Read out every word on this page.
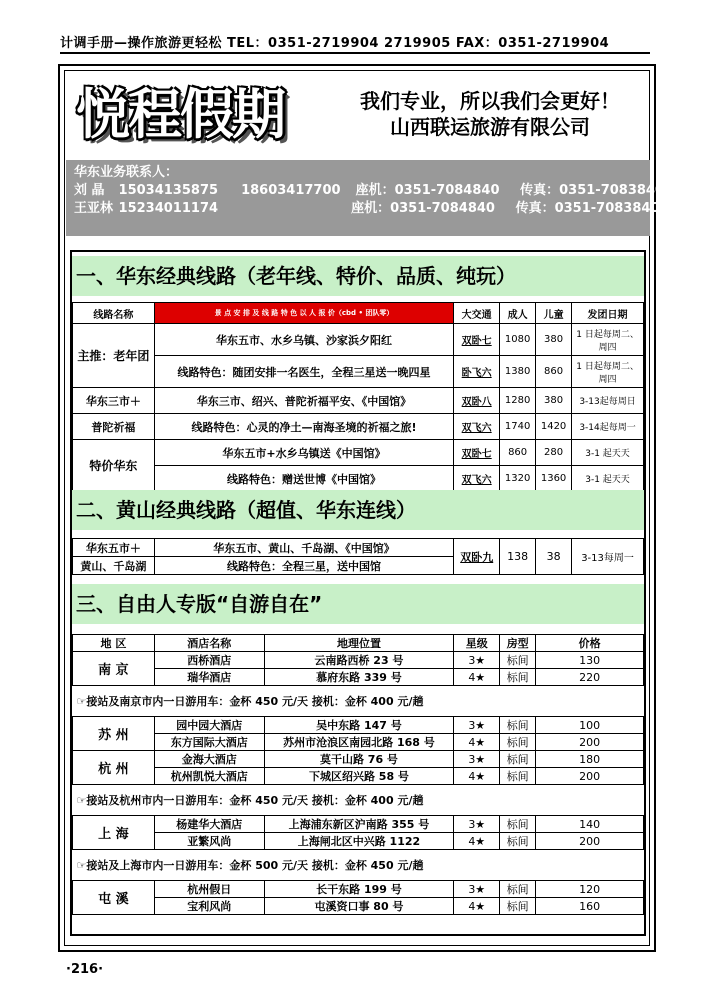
计调手册—操作旅游更轻松 TEL：0351-2719904 2719905 FAX：0351-2719904
悦程假期	我们专业，所以我们会更好！
山西联运旅游有限公司
华东业务联系人：
刘 晶 15034135875 18603417700 座机：0351-7084840 传真：0351-7083840
王亚林 15234011174	座机：0351-7084840 传真：0351-7083840
一、华东经典线路（老年线、特价、品质、纯玩）
线路名称	景 点 安 排 及 线 路 特 色 以 人 报 价（cbd • 团队零）	大交通	成人	儿童	发团日期
主推：老年团	华东五市、水乡乌镇、沙家浜夕阳红	双卧七	1080	380	1 日起每周二、周四
	线路特色：随团安排一名医生，全程三星送一晚四星	卧飞六	1380	860	1 日起每周二、周四
华东三市＋	华东三市、绍兴、普陀祈福平安、《中国馆》	双卧八	1280	380	3-13起每周日
普陀祈福	线路特色：心灵的净土—南海圣境的祈福之旅!	双飞六	1740	1420	3-14起每周一
特价华东	华东五市+水乡乌镇送《中国馆》	双卧七	860	280	3-1 起天天
	线路特色：赠送世博《中国馆》	双飞六	1320	1360	3-1 起天天
二、黄山经典线路（超值、华东连线）
华东五市＋	华东五市、黄山、千岛湖、《中国馆》	双卧九	138	38	3-13每周一
黄山、千岛湖	线路特色：全程三星，送中国馆				
三、自由人专版“自游自在”
地 区	酒店名称	地理位置	星级	房型	价格
南 京	西桥酒店	云南路西桥 23 号	3★	标间	130
	瑞华酒店	慕府东路 339 号	4★	标间	220
☞接站及南京市内一日游用车：金杯 450 元/天 接机：金杯 400 元/趟					
苏 州	园中园大酒店	吴中东路 147 号	3★	标间	100
	东方国际大酒店	苏州市沧浪区南园北路 168 号	4★	标间	200
杭 州	金海大酒店	莫干山路 76 号	3★	标间	180
	杭州凯悦大酒店	下城区绍兴路 58 号	4★	标间	200
☞接站及杭州市内一日游用车：金杯 450 元/天 接机：金杯 400 元/趟					
上 海	杨建华大酒店	上海浦东新区沪南路 355 号	3★	标间	140
	亚繁风尚	上海闸北区中兴路 1122	4★	标间	200
☞接站及上海市内一日游用车：金杯 500 元/天 接机：金杯 450 元/趟					
屯 溪	杭州假日	长干东路 199 号	3★	标间	120
	宝利风尚	屯溪资口事 80 号	4★	标间	160
·216·
